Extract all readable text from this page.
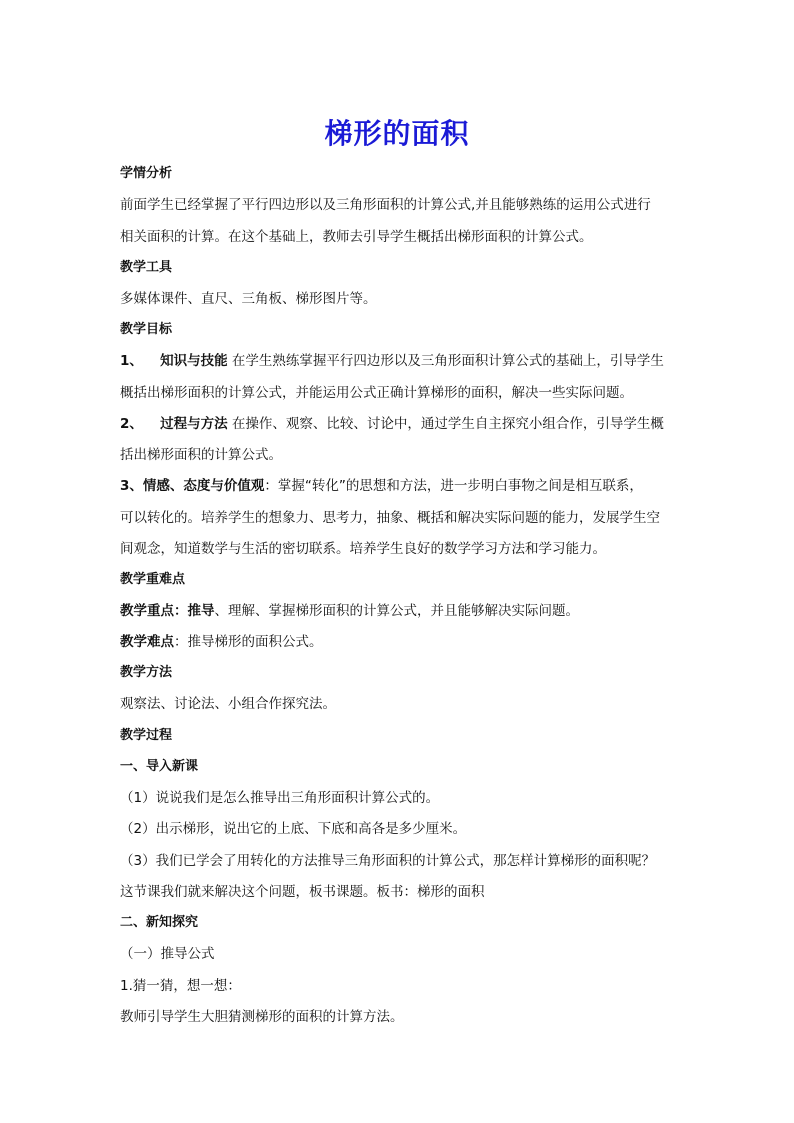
梯形的面积
学情分析
前面学生已经掌握了平行四边形以及三角形面积的计算公式,并且能够熟练的运用公式进行
相关面积的计算。在这个基础上，教师去引导学生概括出梯形面积的计算公式。
教学工具
多媒体课件、直尺、三角板、梯形图片等。
教学目标
1、 知识与技能 在学生熟练掌握平行四边形以及三角形面积计算公式的基础上，引导学生
概括出梯形面积的计算公式，并能运用公式正确计算梯形的面积，解决一些实际问题。
2、 过程与方法 在操作、观察、比较、讨论中，通过学生自主探究小组合作，引导学生概
括出梯形面积的计算公式。
3、情感、态度与价值观：掌握“转化”的思想和方法，进一步明白事物之间是相互联系，
可以转化的。培养学生的想象力、思考力，抽象、概括和解决实际问题的能力，发展学生空
间观念，知道数学与生活的密切联系。培养学生良好的数学学习方法和学习能力。
教学重难点
教学重点：推导、理解、掌握梯形面积的计算公式，并且能够解决实际问题。
教学难点：推导梯形的面积公式。
教学方法
观察法、讨论法、小组合作探究法。
教学过程
一、导入新课
（1）说说我们是怎么推导出三角形面积计算公式的。
（2）出示梯形，说出它的上底、下底和高各是多少厘米。
（3）我们已学会了用转化的方法推导三角形面积的计算公式，那怎样计算梯形的面积呢？
这节课我们就来解决这个问题，板书课题。板书：梯形的面积
二、新知探究
（一）推导公式
1.猜一猜，想一想：
教师引导学生大胆猜测梯形的面积的计算方法。
